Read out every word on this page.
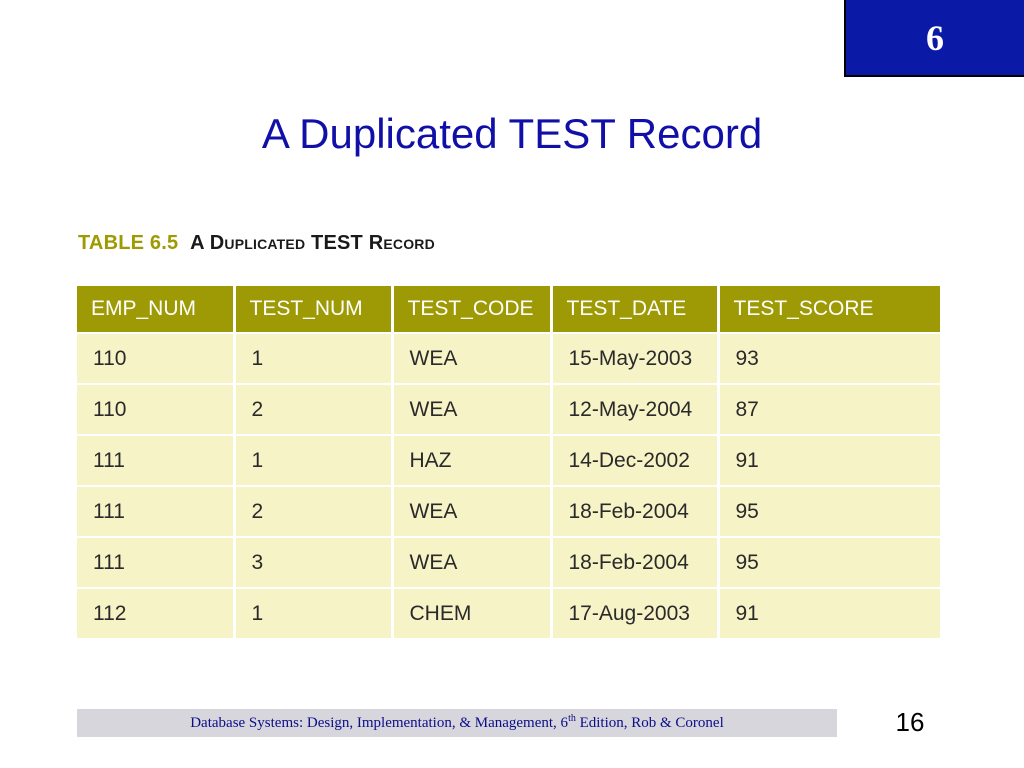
6
A Duplicated TEST Record
TABLE 6.5 A Duplicated TEST Record
EMP_NUM	TEST_NUM	TEST_CODE	TEST_DATE	TEST_SCORE
110	1	WEA	15-May-2003	93
110	2	WEA	12-May-2004	87
111	1	HAZ	14-Dec-2002	91
111	2	WEA	18-Feb-2004	95
111	3	WEA	18-Feb-2004	95
112	1	CHEM	17-Aug-2003	91
Database Systems: Design, Implementation, & Management, 6th Edition, Rob & Coronel	16
